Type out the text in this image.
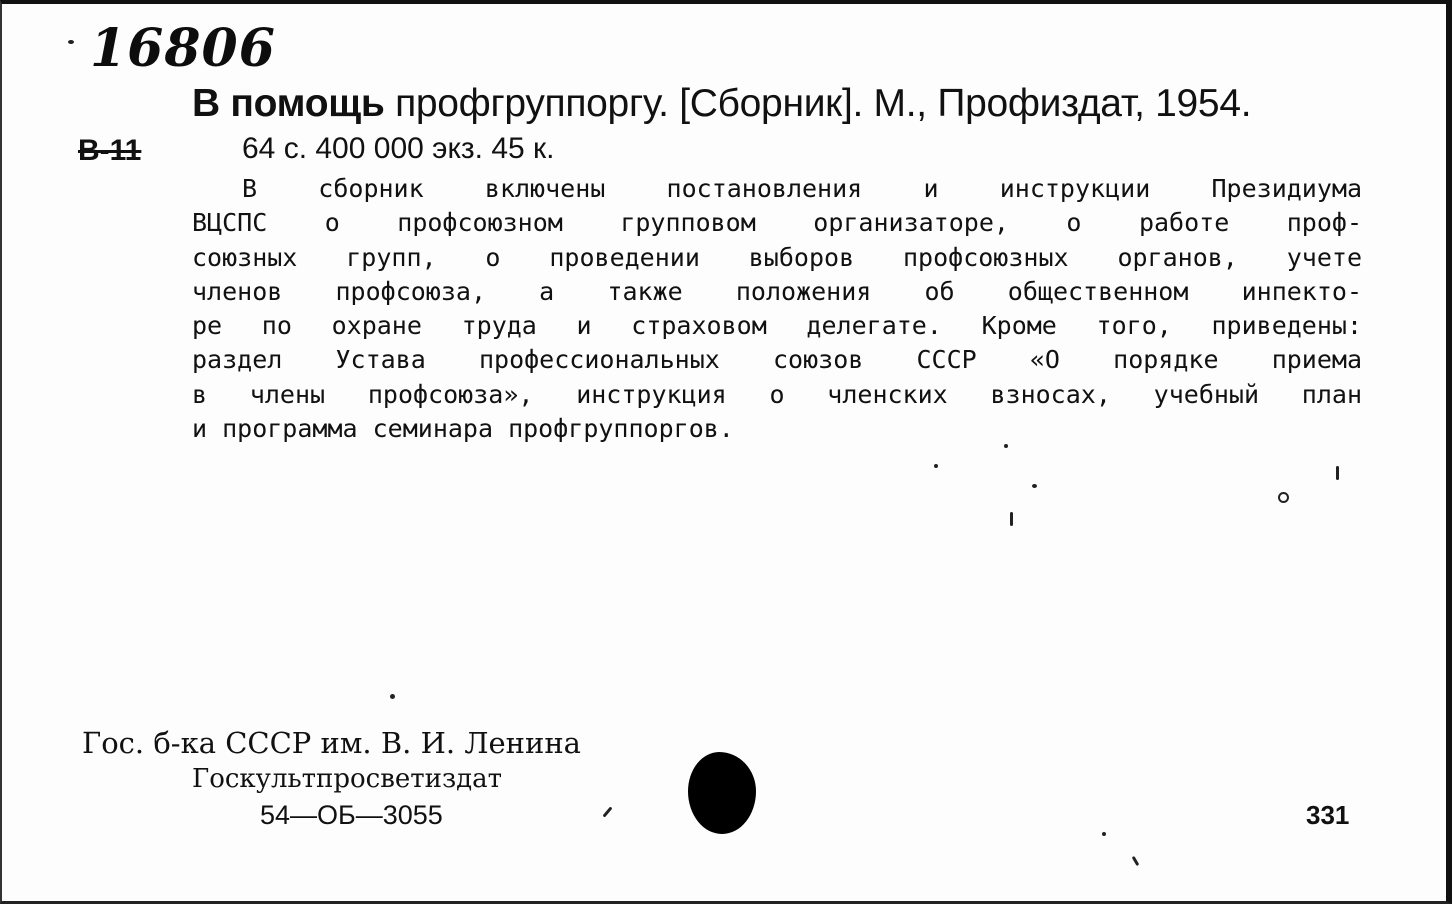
16806
В-11
В помощь профгруппоргу. [Сборник]. М., Профиздат, 1954.
64 с. 400 000 экз. 45 к.
В сборник включены постановления и инструкции Президиума
ВЦСПС о профсоюзном групповом организаторе, о работе проф-
союзных групп, о проведении выборов профсоюзных органов, учете
членов профсоюза, а также положения об общественном инпекто-
ре по охране труда и страховом делегате. Кроме того, приведены:
раздел Устава профессиональных союзов СССР «О порядке приема
в члены профсоюза», инструкция о членских взносах, учебный план
и программа семинара профгруппоргов.
Гос. б-ка СССР им. В. И. Ленина
Госкультпросветиздат
54—ОБ—3055	331
